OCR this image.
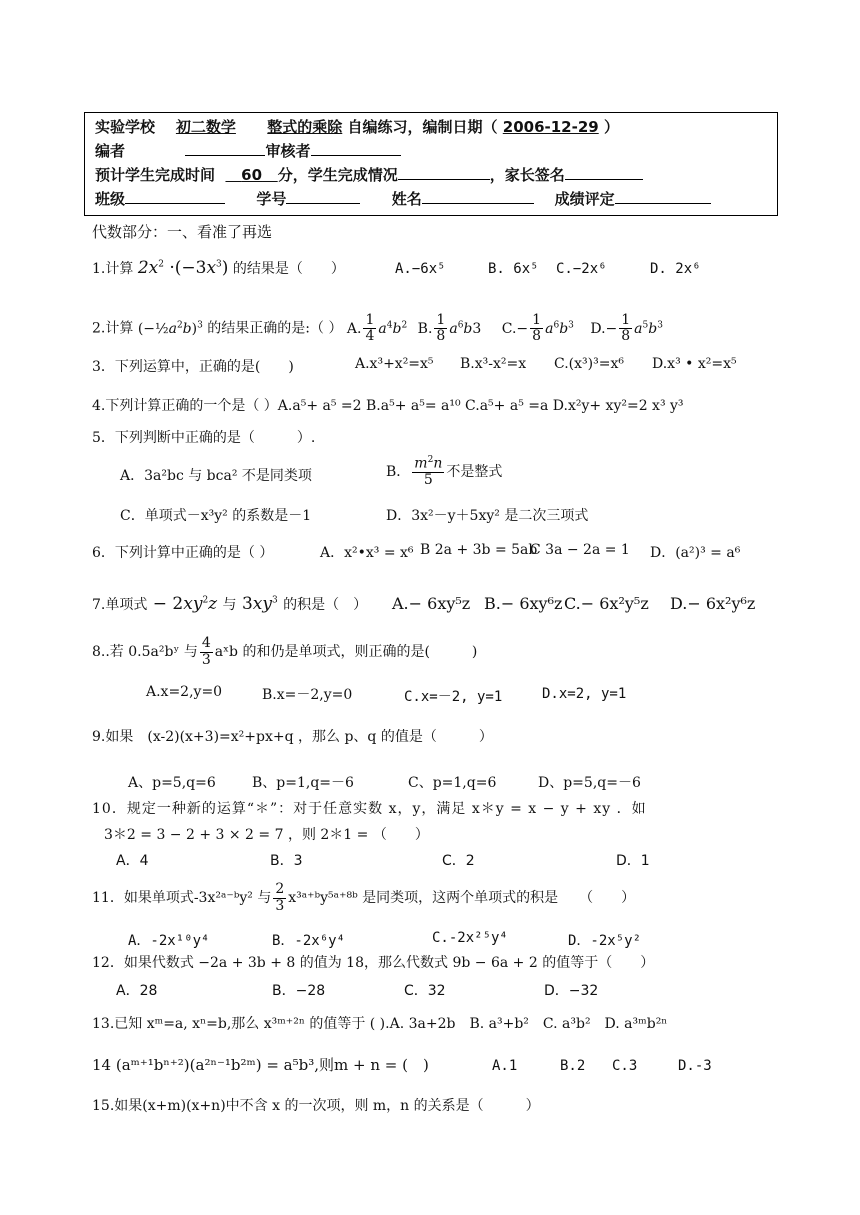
实验学校 初二数学 整式的乘除 自编练习，编制日期（ 2006-12-29 ）
编者	审核者
预计学生完成时间 60 分，学生完成情况	，家长签名
班级	学号	姓名	成绩评定
代数部分：一、看准了再选
1.计算 $2x^2 \cdot(-3x^3)$ 的结果是（　　）	A.−6x⁵	B. 6x⁵ C.−2x⁶	D. 2x⁶
2.计算 $(-\frac{1}{2}a^2b)^3$ 的结果正确的是:（ ） A. $\frac{1}{4} a^4b^2$ B. $\frac{1}{8} a^6b3$ $C.- \frac{1}{8} a^6b^3$ $D.- \frac{1}{8} a^5b^3$
3．下列运算中，正确的是(　　)	A.x³+x²=x⁵ B.x³-x²=x C.(x³)³=x⁶ D.x³ • x²=x⁵
4.下列计算正确的一个是（ ）A.a⁵+ a⁵ =2 B.a⁵+ a⁵= a¹⁰ C.a⁵+ a⁵ =a D.x²y+ xy²=2 x³ y³
5．下列判断中正确的是（　　　）.
A．3a²bc 与 bca² 不是同类项	B． $\frac{m^2n}{5}$ 不是整式
C．单项式－x³y² 的系数是－1	D．3x²－y＋5xy² 是二次三项式
6．下列计算中正确的是（ ）	A．x²•x³ = x⁶ B 2a + 3b = 5ab
C 3a − 2a = 1 D．(a²)³ = a⁶
7.单项式 − $2xy^2z$ 与 $3xy^3$ 的积是（　） A.− 6xy⁵z B.− 6xy⁶z C.− 6x²y⁵z D.− 6x²y⁶z
8..若 0.5a²bʸ 与 $\frac{4}{3}$ aˣb 的和仍是单项式，则正确的是(　　　)
A.x=2,y=0	B.x=－2,y=0	C.x=－2, y=1	D.x=2, y=1
9.如果　(x-2)(x+3)=x²+px+q ，那么 p、q 的值是（　　　）
A、p=5,q=6	B、p=1,q=－6	C、p=1,q=6	D、p=5,q=－6
10．规定一种新的运算“＊”：对于任意实数 x，y，满足 x＊y = x − y + xy ．如
3＊2 = 3 − 2 + 3 × 2 = 7 ，则 2＊1 = （　　）
A．4	B．3	C．2	D．1
11．如果单项式-3x²ᵃ⁻ᵇy² 与 $\frac{2}{3}$ x³ᵃ⁺ᵇy⁵ᵃ⁺⁸ᵇ 是同类项，这两个单项式的积是　　（　　）
A．-2x¹⁰y⁴	B．-2x⁶y⁴	C.-2x²⁵y⁴	D．-2x⁵y²
12．如果代数式 −2a + 3b + 8 的值为 18，那么代数式 9b − 6a + 2 的值等于（　　）
A．28	B．−28	C．32	D．−32
13.已知 xᵐ=a, xⁿ=b,那么 x³ᵐ⁺²ⁿ 的值等于 ( ).A. 3a+2b　B. a³+b²　C. a³b²　D. a³ᵐb²ⁿ
14 (aᵐ⁺¹bⁿ⁺²)(a²ⁿ⁻¹b²ᵐ) = a⁵b³,则m + n = (　)	A.1	B.2 C.3	D.-3
15.如果(x+m)(x+n)中不含 x 的一次项，则 m，n 的关系是（　　　）
